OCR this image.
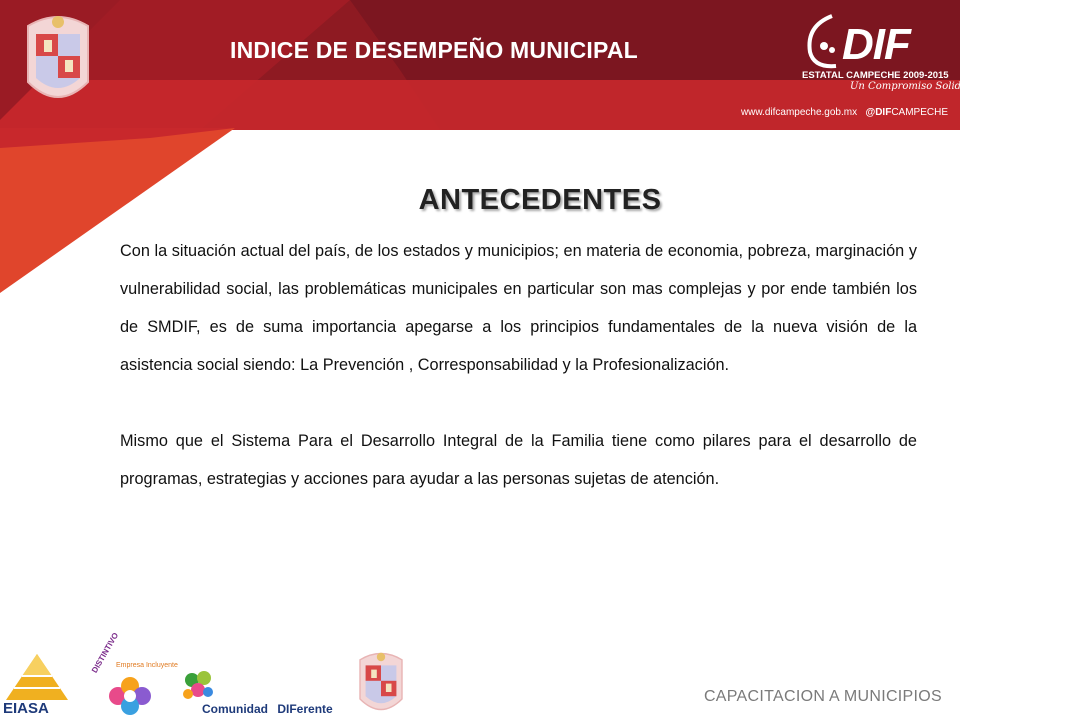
INDICE DE DESEMPEÑO MUNICIPAL	DIF
ESTATAL CAMPECHE 2009-2015
Un Compromiso Solidario
www.difcampeche.gob.mx @DIFCAMPECHE
ANTECEDENTES

Con la situación actual del país, de los estados y municipios; en materia de economia, pobreza, marginación y vulnerabilidad social, las problemáticas municipales en particular son mas complejas y por ende también los de SMDIF, es de suma importancia apegarse a los principios fundamentales de la nueva visión de la asistencia social siendo: La Prevención , Corresponsabilidad y la Profesionalización.

Mismo que el Sistema Para el Desarrollo Integral de la Familia tiene como pilares para el desarrollo de programas, estrategias y acciones para ayudar a las personas sujetas de atención.

EIASA
DISTINTIVO
Empresa Incluyente
Comunidad DIFerente
CAPACITACION A MUNICIPIOS
